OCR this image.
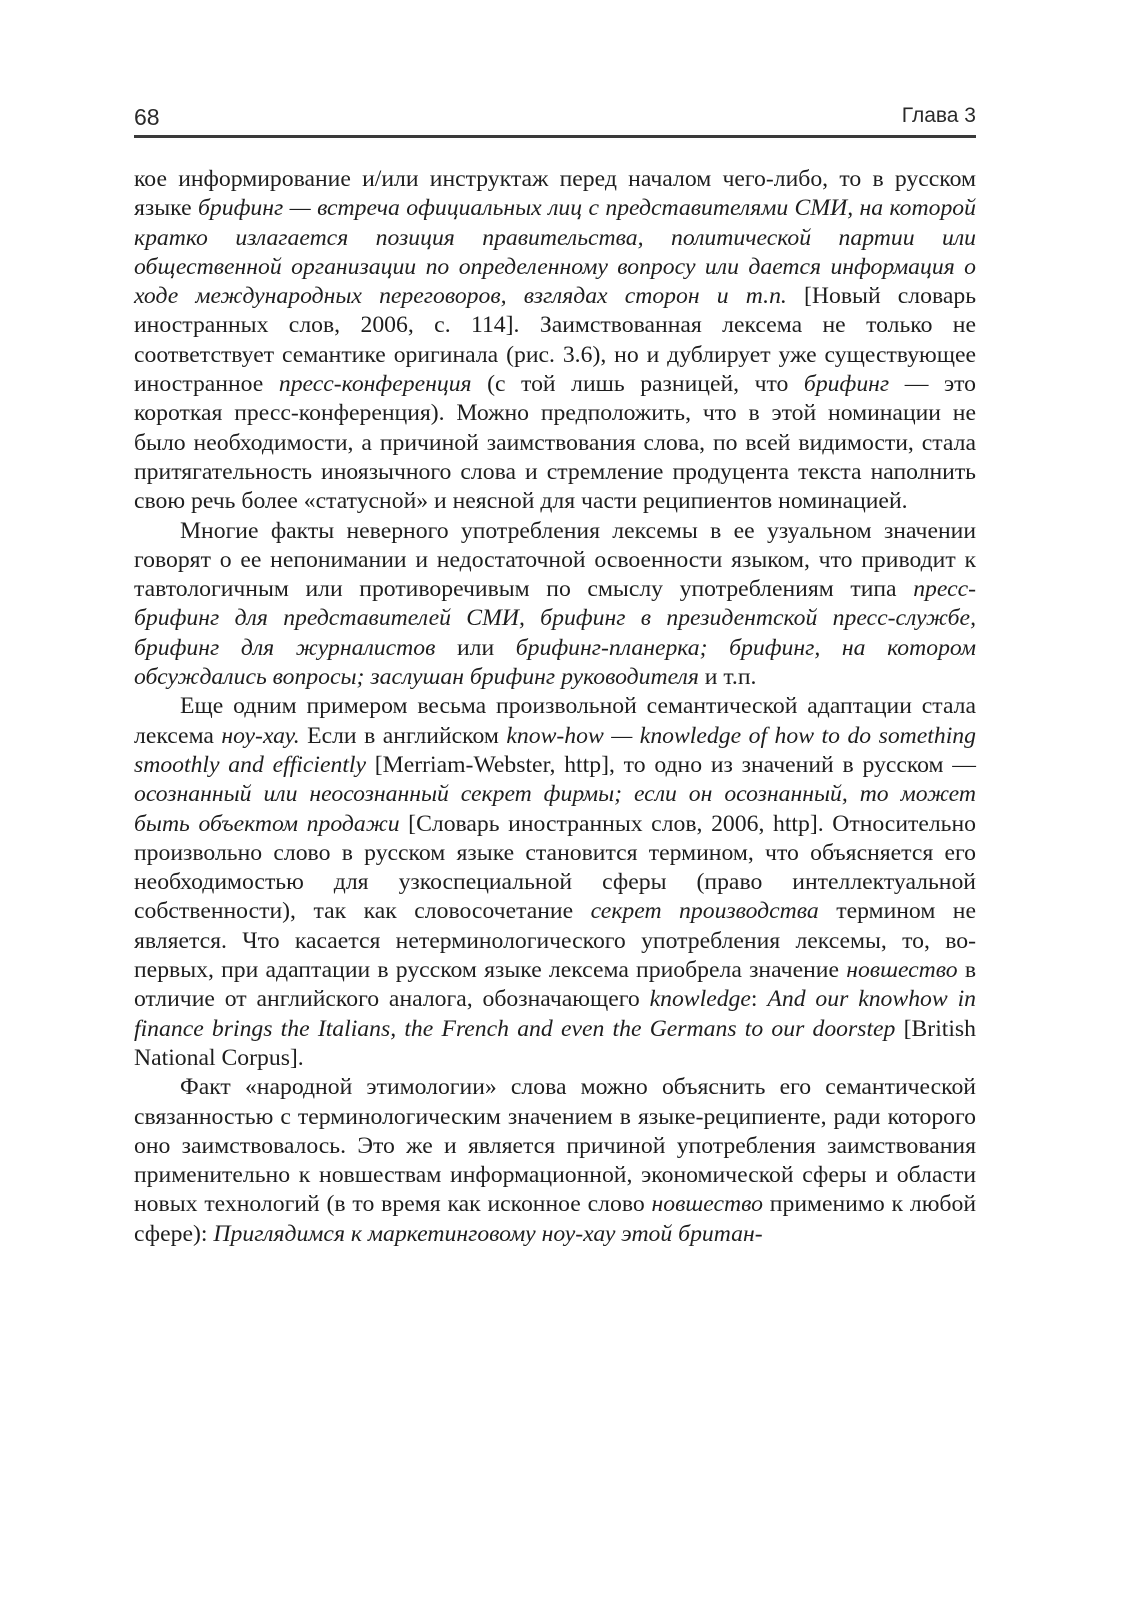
68	Глава 3

кое информирование и/или инструктаж перед началом чего-либо, то в русском языке брифинг — встреча официальных лиц с представителями СМИ, на которой кратко излагается позиция правительства, политической партии или общественной организации по определенному вопросу или дается информация о ходе международных переговоров, взглядах сторон и т.п. [Новый словарь иностранных слов, 2006, с. 114]. Заимствованная лексема не только не соответствует семантике оригинала (рис. 3.6), но и дублирует уже существующее иностранное пресс-конференция (с той лишь разницей, что брифинг — это короткая пресс-конференция). Можно предположить, что в этой номинации не было необходимости, а причиной заимствования слова, по всей видимости, стала притягательность иноязычного слова и стремление продуцента текста наполнить свою речь более «статусной» и неясной для части реципиентов номинацией.

Многие факты неверного употребления лексемы в ее узуальном значении говорят о ее непонимании и недостаточной освоенности языком, что приводит к тавтологичным или противоречивым по смыслу употреблениям типа пресс-брифинг для представителей СМИ, брифинг в президентской пресс-службе, брифинг для журналистов или брифинг-планерка; брифинг, на котором обсуждались вопросы; заслушан брифинг руководителя и т.п.

Еще одним примером весьма произвольной семантической адаптации стала лексема ноу-хау. Если в английском know-how — knowledge of how to do something smoothly and efficiently [Merriam-Webster, http], то одно из значений в русском — осознанный или неосознанный секрет фирмы; если он осознанный, то может быть объектом продажи [Словарь иностранных слов, 2006, http]. Относительно произвольно слово в русском языке становится термином, что объясняется его необходимостью для узкоспециальной сферы (право интеллектуальной собственности), так как словосочетание секрет производства термином не является. Что касается нетерминологического употребления лексемы, то, во-первых, при адаптации в русском языке лексема приобрела значение новшество в отличие от английского аналога, обозначающего knowledge: And our knowhow in finance brings the Italians, the French and even the Germans to our doorstep [British National Corpus].

Факт «народной этимологии» слова можно объяснить его семантической связанностью с терминологическим значением в языке-реципиенте, ради которого оно заимствовалось. Это же и является причиной употребления заимствования применительно к новшествам информационной, экономической сферы и области новых технологий (в то время как исконное слово новшество применимо к любой сфере): Приглядимся к маркетинговому ноу-хау этой британ-
